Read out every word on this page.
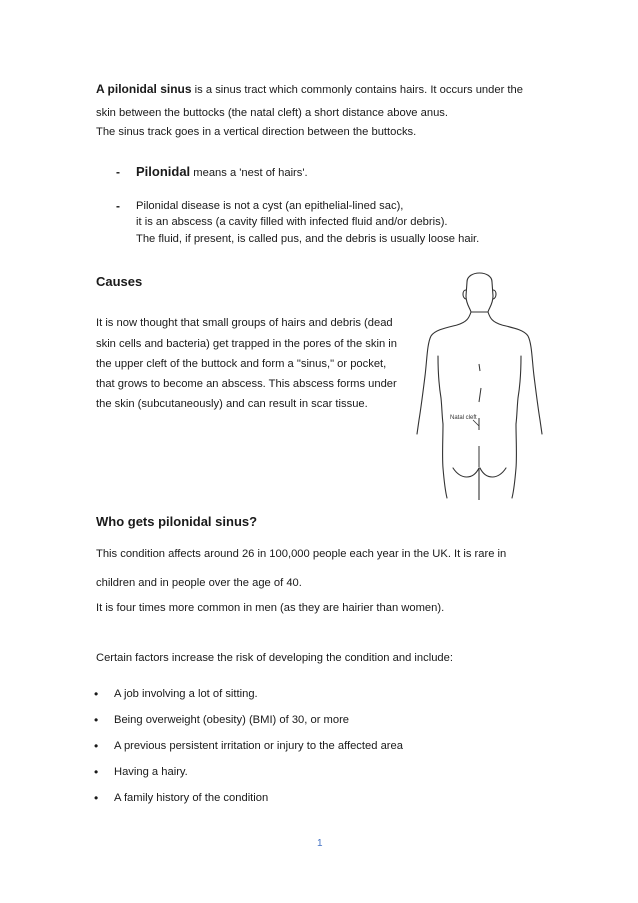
A pilonidal sinus is a sinus tract which commonly contains hairs. It occurs under the

skin between the buttocks (the natal cleft) a short distance above anus.

The sinus track goes in a vertical direction between the buttocks.

- Pilonidal means a 'nest of hairs'.

- Pilonidal disease is not a cyst (an epithelial-lined sac),

it is an abscess (a cavity filled with infected fluid and/or debris).

The fluid, if present, is called pus, and the debris is usually loose hair.

Causes

It is now thought that small groups of hairs and debris (dead

skin cells and bacteria) get trapped in the pores of the skin in

the upper cleft of the buttock and form a "sinus," or pocket,

that grows to become an abscess. This abscess forms under

the skin (subcutaneously) and can result in scar tissue.

Natal cleft
Who gets pilonidal sinus?

This condition affects around 26 in 100,000 people each year in the UK. It is rare in

children and in people over the age of 40.

It is four times more common in men (as they are hairier than women).

Certain factors increase the risk of developing the condition and include:

• A job involving a lot of sitting.

• Being overweight (obesity) (BMI) of 30, or more

• A previous persistent irritation or injury to the affected area

• Having a hairy.

• A family history of the condition

1
